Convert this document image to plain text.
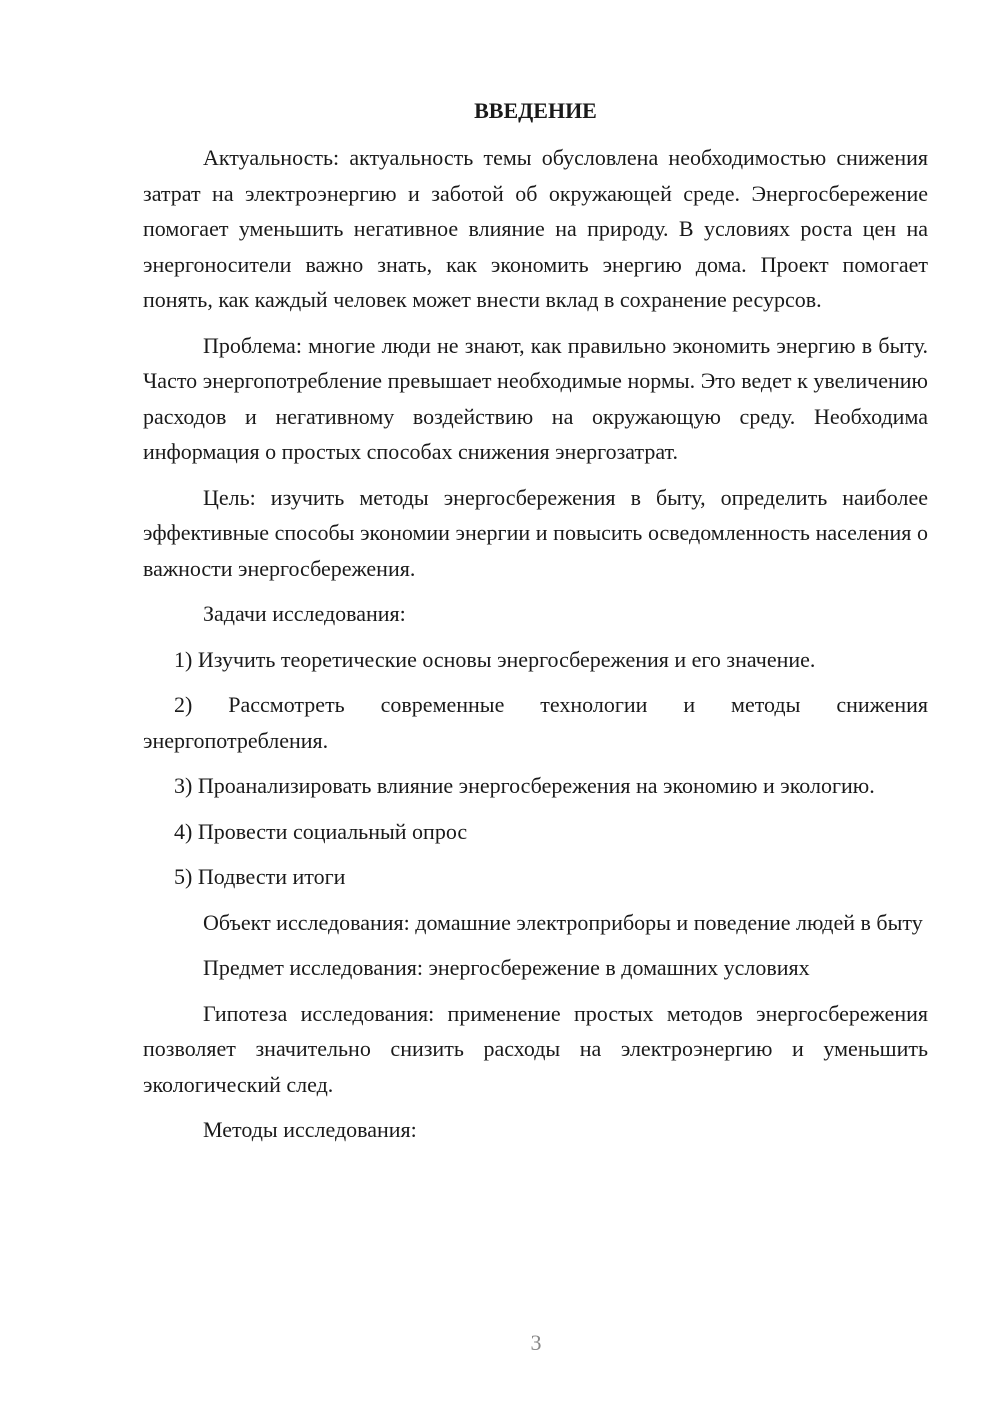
ВВЕДЕНИЕ

Актуальность: актуальность темы обусловлена необходимостью снижения затрат на электроэнергию и заботой об окружающей среде. Энергосбережение помогает уменьшить негативное влияние на природу. В условиях роста цен на энергоносители важно знать, как экономить энергию дома. Проект помогает понять, как каждый человек может внести вклад в сохранение ресурсов.

Проблема: многие люди не знают, как правильно экономить энергию в быту. Часто энергопотребление превышает необходимые нормы. Это ведет к увеличению расходов и негативному воздействию на окружающую среду. Необходима информация о простых способах снижения энергозатрат.

Цель: изучить методы энергосбережения в быту, определить наиболее эффективные способы экономии энергии и повысить осведомленность населения о важности энергосбережения.

Задачи исследования:

1) Изучить теоретические основы энергосбережения и его значение.

2) Рассмотреть современные технологии и методы снижения энергопотребления.

3) Проанализировать влияние энергосбережения на экономию и экологию.

4) Провести социальный опрос

5) Подвести итоги

Объект исследования: домашние электроприборы и поведение людей в быту

Предмет исследования: энергосбережение в домашних условиях

Гипотеза исследования: применение простых методов энергосбережения позволяет значительно снизить расходы на электроэнергию и уменьшить экологический след.

Методы исследования:

3
